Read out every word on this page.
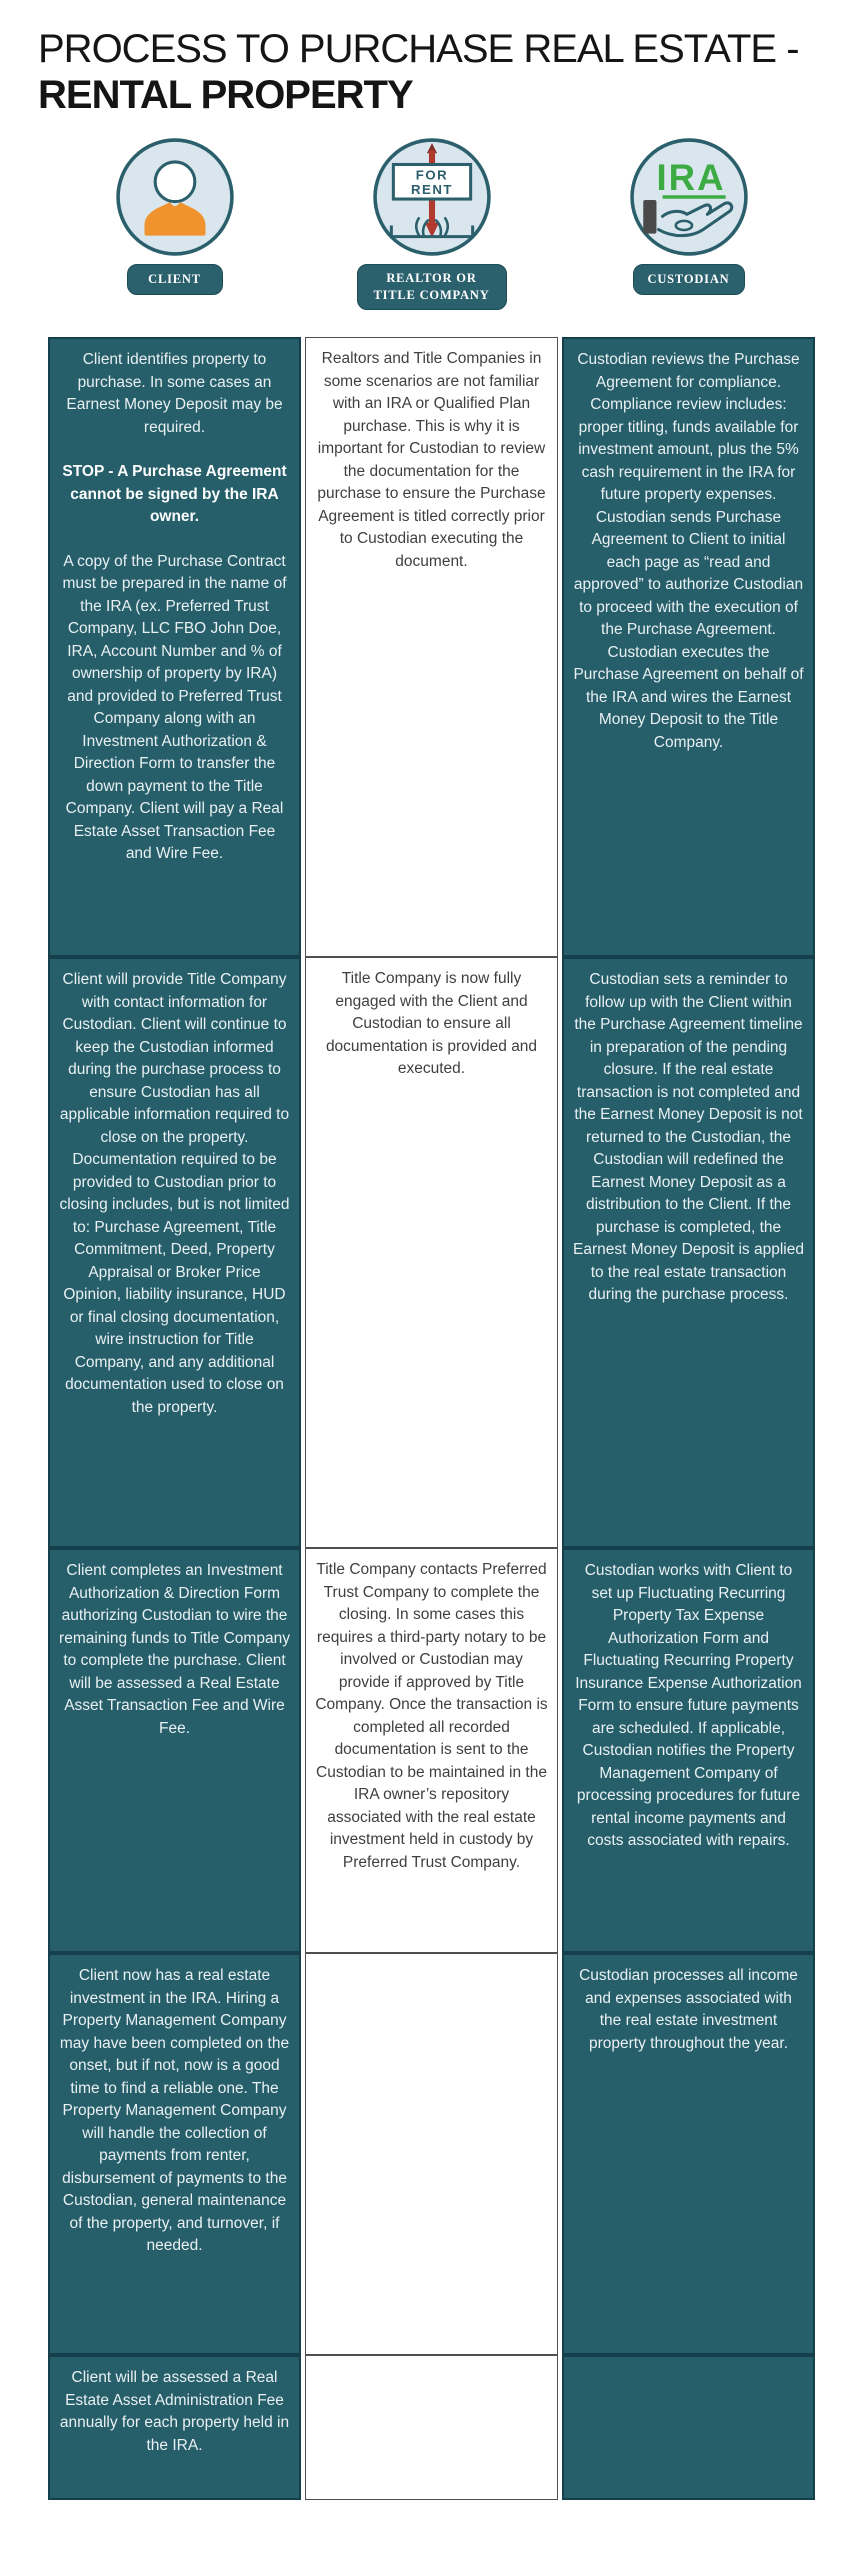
PROCESS TO PURCHASE REAL ESTATE -
RENTAL PROPERTY
CLIENT
FOR
RENT
REALTOR OR TITLE COMPANY
IRA
CUSTODIAN

Client identifies property to purchase. In some cases an Earnest Money Deposit may be required.

STOP - A Purchase Agreement cannot be signed by the IRA owner.

A copy of the Purchase Contract must be prepared in the name of the IRA (ex. Preferred Trust Company, LLC FBO John Doe, IRA, Account Number and % of ownership of property by IRA) and provided to Preferred Trust Company along with an Investment Authorization & Direction Form to transfer the down payment to the Title Company. Client will pay a Real Estate Asset Transaction Fee and Wire Fee.

Realtors and Title Companies in some scenarios are not familiar with an IRA or Qualified Plan purchase. This is why it is important for Custodian to review the documentation for the purchase to ensure the Purchase Agreement is titled correctly prior to Custodian executing the document.

Custodian reviews the Purchase Agreement for compliance. Compliance review includes: proper titling, funds available for investment amount, plus the 5% cash requirement in the IRA for future property expenses. Custodian sends Purchase Agreement to Client to initial each page as “read and approved” to authorize Custodian to proceed with the execution of the Purchase Agreement. Custodian executes the Purchase Agreement on behalf of the IRA and wires the Earnest Money Deposit to the Title Company.

Client will provide Title Company with contact information for Custodian. Client will continue to keep the Custodian informed during the purchase process to ensure Custodian has all applicable information required to close on the property. Documentation required to be provided to Custodian prior to closing includes, but is not limited to: Purchase Agreement, Title Commitment, Deed, Property Appraisal or Broker Price Opinion, liability insurance, HUD or final closing documentation, wire instruction for Title Company, and any additional documentation used to close on the property.

Title Company is now fully engaged with the Client and Custodian to ensure all documentation is provided and executed.

Custodian sets a reminder to follow up with the Client within the Purchase Agreement timeline in preparation of the pending closure. If the real estate transaction is not completed and the Earnest Money Deposit is not returned to the Custodian, the Custodian will redefined the Earnest Money Deposit as a distribution to the Client. If the purchase is completed, the Earnest Money Deposit is applied to the real estate transaction during the purchase process.

Client completes an Investment Authorization & Direction Form authorizing Custodian to wire the remaining funds to Title Company to complete the purchase. Client will be assessed a Real Estate Asset Transaction Fee and Wire Fee.

Title Company contacts Preferred Trust Company to complete the closing. In some cases this requires a third-party notary to be involved or Custodian may provide if approved by Title Company. Once the transaction is completed all recorded documentation is sent to the Custodian to be maintained in the IRA owner’s repository associated with the real estate investment held in custody by Preferred Trust Company.

Custodian works with Client to set up Fluctuating Recurring Property Tax Expense Authorization Form and Fluctuating Recurring Property Insurance Expense Authorization Form to ensure future payments are scheduled. If applicable, Custodian notifies the Property Management Company of processing procedures for future rental income payments and costs associated with repairs.

Client now has a real estate investment in the IRA. Hiring a Property Management Company may have been completed on the onset, but if not, now is a good time to find a reliable one. The Property Management Company will handle the collection of payments from renter, disbursement of payments to the Custodian, general maintenance of the property, and turnover, if needed.

Custodian processes all income and expenses associated with the real estate investment property throughout the year.

Client will be assessed a Real Estate Asset Administration Fee annually for each property held in the IRA.
